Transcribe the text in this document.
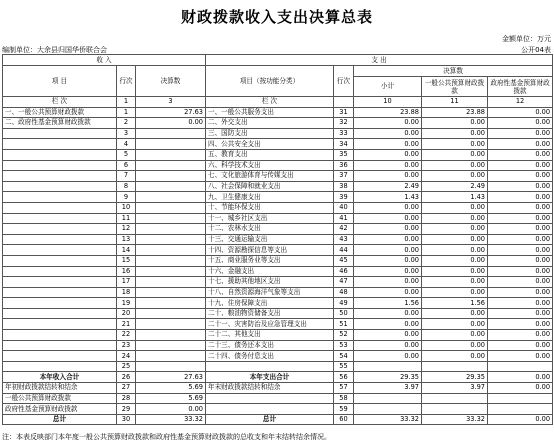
财政拨款收入支出决算总表
金额单位：万元
编制单位：大余县归国华侨联合会	公开04表
收 入			支 出				
项 目	行次	决算数	项目（按功能分类）	行次	决算数		
					小计	一般公共预算财政拨款	政府性基金预算财政拨款
栏 次	1	3	栏 次		10	11	12
一、一般公共预算财政拨款	1	27.63	一、一般公共服务支出	31	23.88	23.88	0.00
二、政府性基金预算财政拨款	2	0.00	二、外交支出	32	0.00	0.00	0.00
	3		三、国防支出	33	0.00	0.00	0.00
	4		四、公共安全支出	34	0.00	0.00	0.00
	5		五、教育支出	35	0.00	0.00	0.00
	6		六、科学技术支出	36	0.00	0.00	0.00
	7		七、文化旅游体育与传媒支出	37	0.00	0.00	0.00
	8		八、社会保障和就业支出	38	2.49	2.49	0.00
	9		九、卫生健康支出	39	1.43	1.43	0.00
	10		十、节能环保支出	40	0.00	0.00	0.00
	11		十一、城乡社区支出	41	0.00	0.00	0.00
	12		十二、农林水支出	42	0.00	0.00	0.00
	13		十三、交通运输支出	43	0.00	0.00	0.00
	14		十四、资源勘探信息等支出	44	0.00	0.00	0.00
	15		十五、商业服务业等支出	45	0.00	0.00	0.00
	16		十六、金融支出	46	0.00	0.00	0.00
	17		十七、援助其他地区支出	47	0.00	0.00	0.00
	18		十八、自然资源海洋气象等支出	48	0.00	0.00	0.00
	19		十九、住房保障支出	49	1.56	1.56	0.00
	20		二十、粮油物资储备支出	50	0.00	0.00	0.00
	21		二十一、灾害防治及应急管理支出	51	0.00	0.00	0.00
	22		二十二、其他支出	52	0.00	0.00	0.00
	23		二十三、债务还本支出	53	0.00	0.00	0.00
	24		二十四、债务付息支出	54	0.00	0.00	0.00
	25			55			
本年收入合计	26	27.63	本年支出合计	56	29.35	29.35	0.00
年初财政拨款结转和结余	27	5.69	年末财政拨款结转和结余	57	3.97	3.97	0.00
一般公共预算财政拨款	28	5.69		58			
政府性基金预算财政拨款	29	0.00		59			
总计	30	33.32	总计	60	33.32	33.32	0.00
注：本表反映部门本年度一般公共预算财政拨款和政府性基金预算财政拨款的总收支和年末结转结余情况。
